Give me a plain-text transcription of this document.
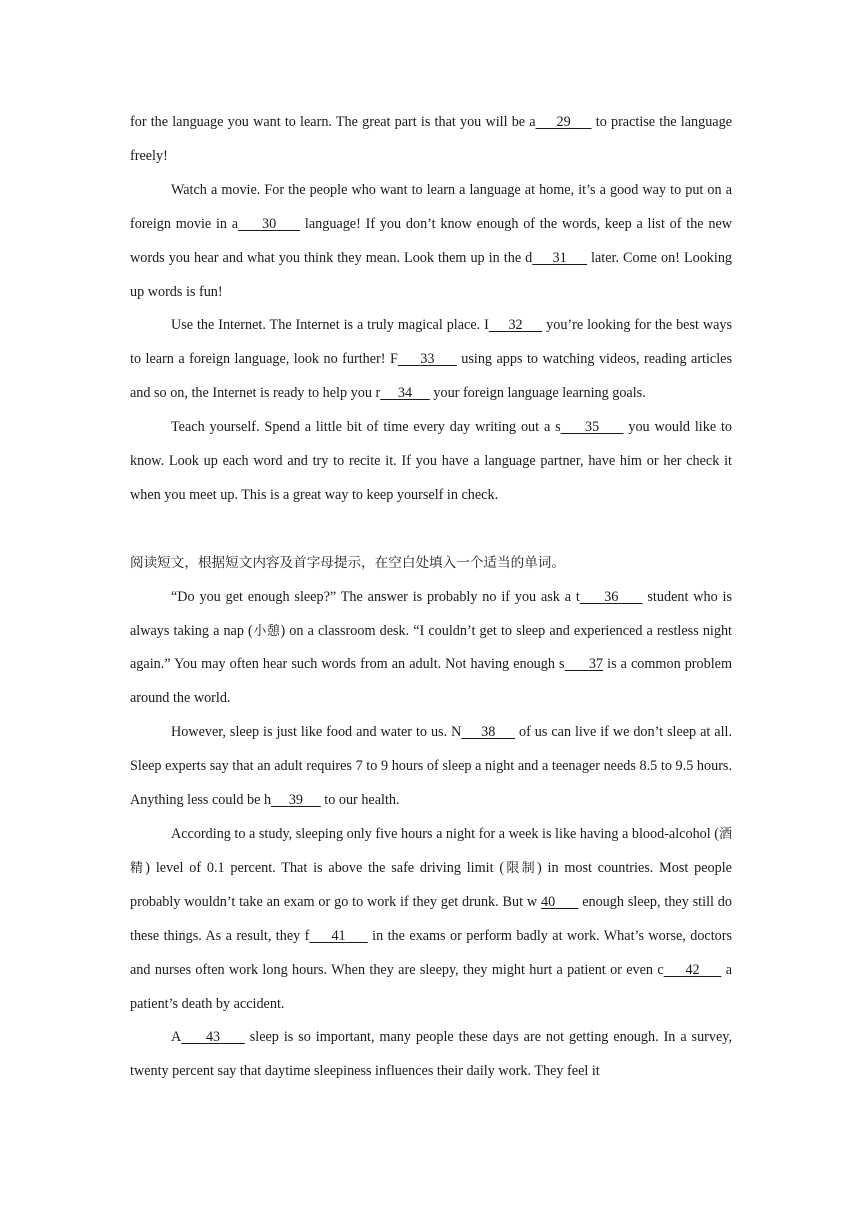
for the language you want to learn. The great part is that you will be a 29      to practise the language freely!

Watch a movie. For the people who want to learn a language at home, it’s a good way to put on a foreign movie in a 30      language! If you don’t know enough of the words, keep a list of the new words you hear and what you think they mean. Look them up in the d 31      later. Come on! Looking up words is fun!

Use the Internet. The Internet is a truly magical place. I 32      you’re looking for the best ways to learn a foreign language, look no further! F 33      using apps to watching videos, reading articles and so on, the Internet is ready to help you r 34      your foreign language learning goals.

Teach yourself. Spend a little bit of time every day writing out a s 35      you would like to know. Look up each word and try to recite it. If you have a language partner, have him or her check it when you meet up. This is a great way to keep yourself in check.

阅读短文，根据短文内容及首字母提示，在空白处填入一个适当的单词。

“Do you get enough sleep?” The answer is probably no if you ask a t 36      student who is always taking a nap (小憩) on a classroom desk. “I couldn’t get to sleep and experienced a restless night again.” You may often hear such words from an adult. Not having enough s 37 is a common problem around the world.

However, sleep is just like food and water to us. N 38      of us can live if we don’t sleep at all. Sleep experts say that an adult requires 7 to 9 hours of sleep a night and a teenager needs 8.5 to 9.5 hours. Anything less could be h 39      to our health.

According to a study, sleeping only five hours a night for a week is like having a blood-alcohol (酒精) level of 0.1 percent. That is above the safe driving limit (限制) in most countries. Most people probably wouldn’t take an exam or go to work if they get drunk. But w 40       enough sleep, they still do these things. As a result, they f 41      in the exams or perform badly at work. What’s worse, doctors and nurses often work long hours. When they are sleepy, they might hurt a patient or even c 42      a patient’s death by accident.

A 43      sleep is so important, many people these days are not getting enough. In a survey, twenty percent say that daytime sleepiness influences their daily work. They feel it
